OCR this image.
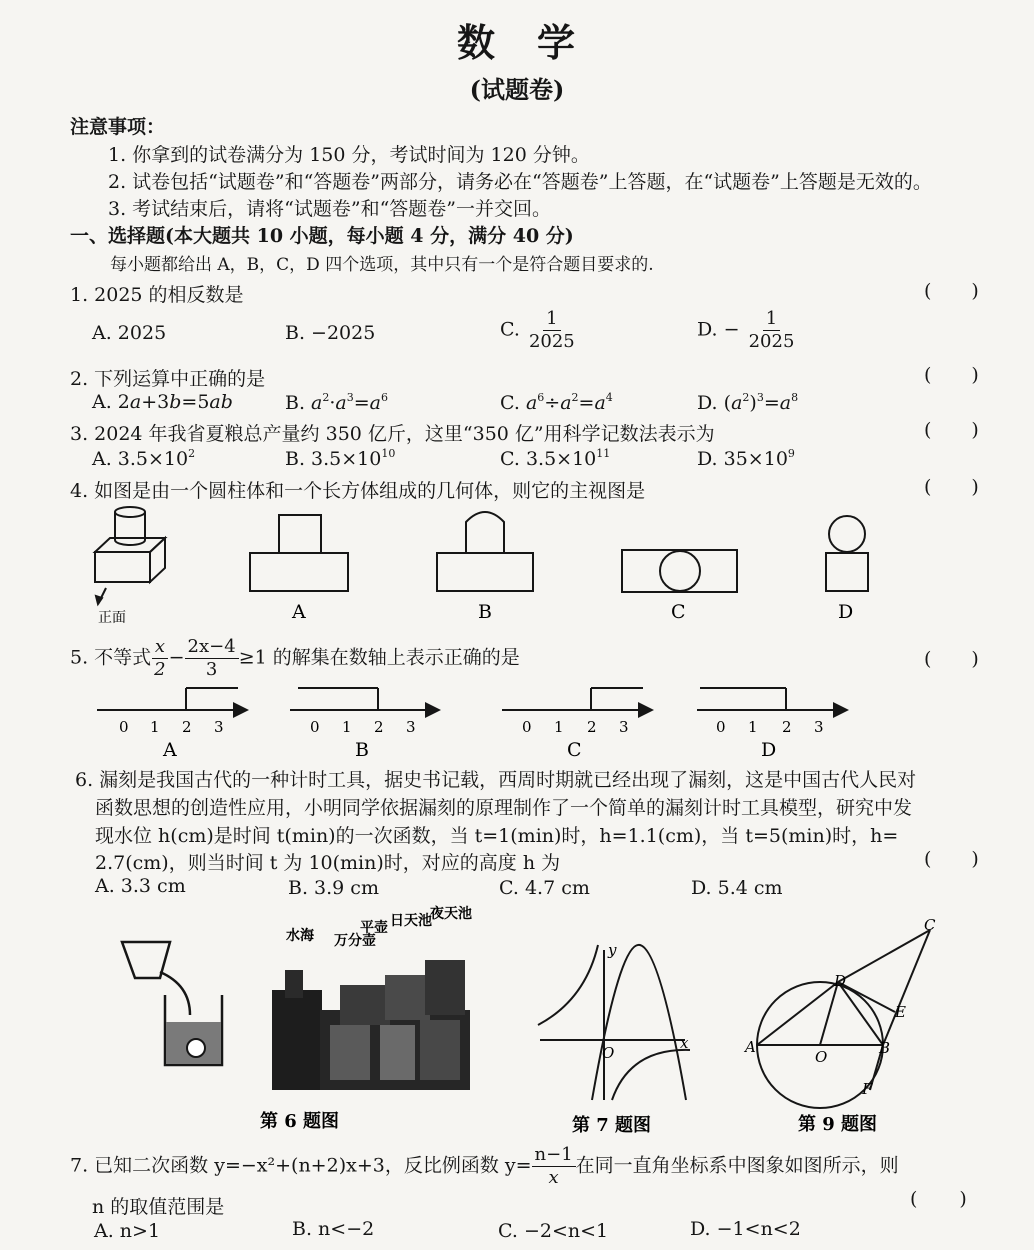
数　学
(试题卷)
注意事项：
1. 你拿到的试卷满分为 150 分，考试时间为 120 分钟。
2. 试卷包括“试题卷”和“答题卷”两部分，请务必在“答题卷”上答题，在“试题卷”上答题是无效的。
3. 考试结束后，请将“试题卷”和“答题卷”一并交回。
一、选择题(本大题共 10 小题，每小题 4 分，满分 40 分)
每小题都给出 A，B，C，D 四个选项，其中只有一个是符合题目要求的.
1. 2025 的相反数是	( )
A. 2025	B. −2025	C. $\frac{1}{2025}$	D. − $\frac{1}{2025}$
2. 下列运算中正确的是	( )
A. 2a+3b=5ab	B. $a^2\cdot a^3=a^6$	C. $a^6\div a^2=a^4$	D. $(a^2)^3=a^8$
3. 2024 年我省夏粮总产量约 350 亿斤，这里“350 亿”用科学记数法表示为	( )
A. $3.5\times 10^2$	B. $3.5\times 10^{10}$	C. $3.5\times 10^{11}$	D. $35\times 10^9$
4. 如图是由一个圆柱体和一个长方体组成的几何体，则它的主视图是	( )
正面	A	B	C	D
5. 不等式 $\frac{x}{2} - \frac{2x-4}{3} \ge 1$ 的解集在数轴上表示正确的是	( )
0 1 2 3	0 1 2 3	0 1 2 3	0 1 2 3
A	B	C	D
6. 漏刻是我国古代的一种计时工具，据史书记载，西周时期就已经出现了漏刻，这是中国古代人民对
函数思想的创造性应用，小明同学依据漏刻的原理制作了一个简单的漏刻计时工具模型，研究中发
现水位 h(cm)是时间 t(min)的一次函数，当 t=1(min)时，h=1.1(cm)，当 t=5(min)时，h=
2.7(cm)，则当时间 t 为 10(min)时，对应的高度 h 为	( )
A. 3.3 cm	B. 3.9 cm	C. 4.7 cm	D. 5.4 cm
水海 万分壶
平壶 日天池
夜天池
第 6 题图
y
x
O
第 7 题图
A
O	B
C
D
E
F
第 9 题图
7. 已知二次函数 y=−x²+(n+2)x+3，反比例函数 $y= \frac{n-1}{x}$ 在同一直角坐标系中图象如图所示，则
n 的取值范围是	( )
A. n>1	B. n<−2	C. −2<n<1	D. −1<n<2
